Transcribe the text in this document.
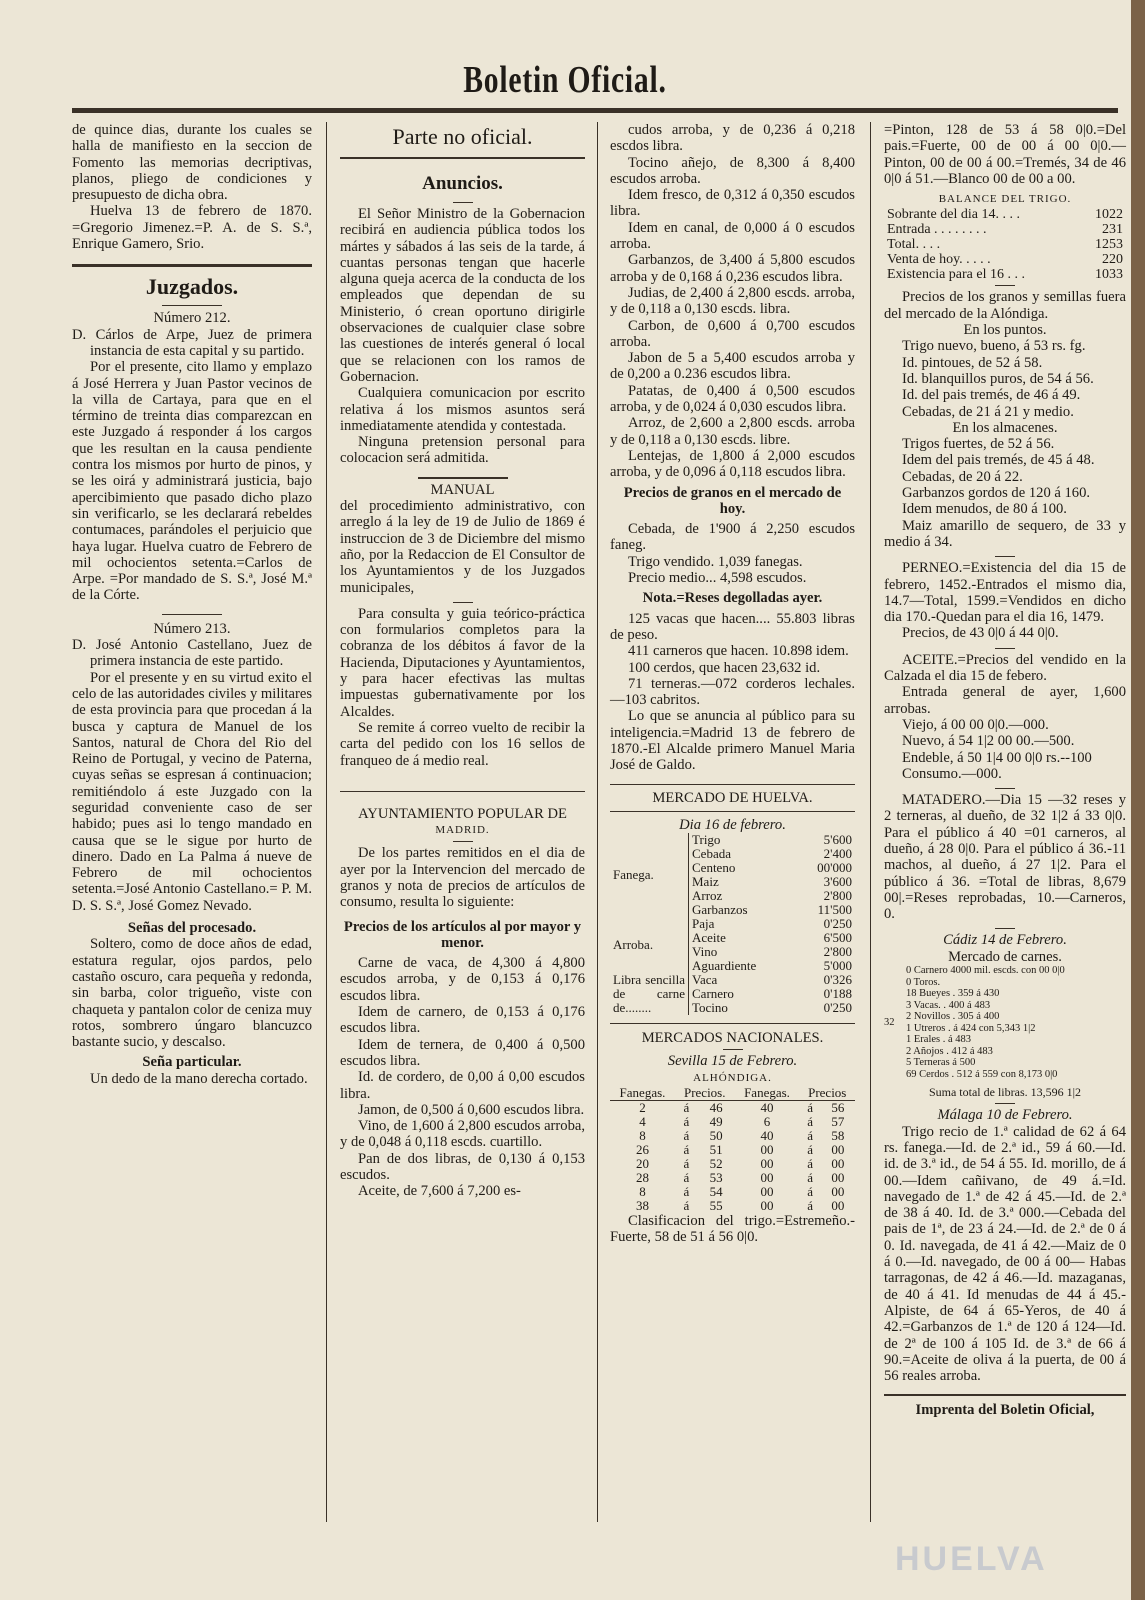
Boletin Oficial.

de quince dias, durante los cuales se halla de manifiesto en la seccion de Fomento las memorias decriptivas, planos, pliego de condiciones y presupuesto de dicha obra.

Huelva 13 de febrero de 1870. =Gregorio Jimenez.=P. A. de S. S.ª, Enrique Gamero, Srio.

Juzgados.

Número 212.

D. Cárlos de Arpe, Juez de primera instancia de esta capital y su partido.

Por el presente, cito llamo y emplazo á José Herrera y Juan Pastor vecinos de la villa de Cartaya, para que en el término de treinta dias comparezcan en este Juzgado á responder á los cargos que les resultan en la causa pendiente contra los mismos por hurto de pinos, y se les oirá y administrará justicia, bajo apercibimiento que pasado dicho plazo sin verificarlo, se les declarará rebeldes contumaces, parándoles el perjuicio que haya lugar. Huelva cuatro de Febrero de mil ochocientos setenta.=Carlos de Arpe. =Por mandado de S. S.ª, José M.ª de la Córte.

Número 213.

D. José Antonio Castellano, Juez de primera instancia de este partido.

Por el presente y en su virtud exito el celo de las autoridades civiles y militares de esta provincia para que procedan á la busca y captura de Manuel de los Santos, natural de Chora del Rio del Reino de Portugal, y vecino de Paterna, cuyas señas se espresan á continuacion; remitiéndolo á este Juzgado con la seguridad conveniente caso de ser habido; pues asi lo tengo mandado en causa que se le sigue por hurto de dinero. Dado en La Palma á nueve de Febrero de mil ochocientos setenta.=José Antonio Castellano.= P. M. D. S. S.ª, José Gomez Nevado.

Señas del procesado.

Soltero, como de doce años de edad, estatura regular, ojos pardos, pelo castaño oscuro, cara pequeña y redonda, sin barba, color trigueño, viste con chaqueta y pantalon color de ceniza muy rotos, sombrero úngaro blancuzco bastante sucio, y descalso.

Seña particular.

Un dedo de la mano derecha cortado.

Parte no oficial.

Anuncios.

El Señor Ministro de la Gobernacion recibirá en audiencia pública todos los mártes y sábados á las seis de la tarde, á cuantas personas tengan que hacerle alguna queja acerca de la conducta de los empleados que dependan de su Ministerio, ó crean oportuno dirigirle observaciones de cualquier clase sobre las cuestiones de interés general ó local que se relacionen con los ramos de Gobernacion.

Cualquiera comunicacion por escrito relativa á los mismos asuntos será inmediatamente atendida y contestada.

Ninguna pretension personal para colocacion será admitida.

MANUAL

del procedimiento administrativo, con arreglo á la ley de 19 de Julio de 1869 é instruccion de 3 de Diciembre del mismo año, por la Redaccion de El Consultor de los Ayuntamientos y de los Juzgados municipales,

Para consulta y guia teórico-práctica con formularios completos para la cobranza de los débitos á favor de la Hacienda, Diputaciones y Ayuntamientos, y para hacer efectivas las multas impuestas gubernativamente por los Alcaldes.

Se remite á correo vuelto de recibir la carta del pedido con los 16 sellos de franqueo de á medio real.

AYUNTAMIENTO POPULAR DE

MADRID.

De los partes remitidos en el dia de ayer por la Intervencion del mercado de granos y nota de precios de artículos de consumo, resulta lo siguiente:

Precios de los artículos al por mayor y menor.

Carne de vaca, de 4,300 á 4,800 escudos arroba, y de 0,153 á 0,176 escudos libra.

Idem de carnero, de 0,153 á 0,176 escudos libra.

Idem de ternera, de 0,400 á 0,500 escudos libra.

Id. de cordero, de 0,00 á 0,00 escudos libra.

Jamon, de 0,500 á 0,600 escudos libra.

Vino, de 1,600 á 2,800 escudos arroba, y de 0,048 á 0,118 escds. cuartillo.

Pan de dos libras, de 0,130 á 0,153 escudos.

Aceite, de 7,600 á 7,200 es-

cudos arroba, y de 0,236 á 0,218 escdos libra.

Tocino añejo, de 8,300 á 8,400 escudos arroba.

Idem fresco, de 0,312 á 0,350 escudos libra.

Idem en canal, de 0,000 á 0 escudos arroba.

Garbanzos, de 3,400 á 5,800 escudos arroba y de 0,168 á 0,236 escudos libra.

Judias, de 2,400 á 2,800 escds. arroba, y de 0,118 a 0,130 escds. libra.

Carbon, de 0,600 á 0,700 escudos arroba.

Jabon de 5 a 5,400 escudos arroba y de 0,200 a 0.236 escudos libra.

Patatas, de 0,400 á 0,500 escudos arroba, y de 0,024 á 0,030 escudos libra.

Arroz, de 2,600 a 2,800 escds. arroba y de 0,118 a 0,130 escds. libre.

Lentejas, de 1,800 á 2,000 escudos arroba, y de 0,096 á 0,118 escudos libra.

Precios de granos en el mercado de hoy.

Cebada, de 1'900 á 2,250 escudos faneg.

Trigo vendido. 1,039 fanegas.

Precio medio... 4,598 escudos.

Nota.=Reses degolladas ayer.

125 vacas que hacen.... 55.803 libras de peso.

411 carneros que hacen. 10.898 idem.

100 cerdos, que hacen 23,632 id.

71 terneras.—072 corderos lechales.—103 cabritos.

Lo que se anuncia al público para su inteligencia.=Madrid 13 de febrero de 1870.-El Alcalde primero Manuel Maria José de Galdo.

MERCADO DE HUELVA.

Dia 16 de febrero.

Fanega.	Trigo	5'600
	Cebada	2'400
	Centeno	00'000
	Maiz	3'600
	Arroz	2'800
	Garbanzos	11'500
Arroba.	Paja	0'250
	Aceite	6'500
	Vino	2'800
	Aguardiente	5'000
Libra sencilla de carne de........	Vaca	0'326
	Carnero	0'188
	Tocino	0'250

MERCADOS NACIONALES.

Sevilla 15 de Febrero.

ALHÓNDIGA.

Fanegas.	Precios.		Fanegas.	Precios	
2	á	46	40	á	56
4	á	49	6	á	57
8	á	50	40	á	58
26	á	51	00	á	00
20	á	52	00	á	00
28	á	53	00	á	00
8	á	54	00	á	00
38	á	55	00	á	00

Clasificacion del trigo.=Estremeño.-Fuerte, 58 de 51 á 56 0|0.

=Pinton, 128 de 53 á 58 0|0.=Del pais.=Fuerte, 00 de 00 á 00 0|0.— Pinton, 00 de 00 á 00.=Tremés, 34 de 46 0|0 á 51.—Blanco 00 de 00 a 00.

BALANCE DEL TRIGO.

Sobrante del dia 14. . . .	1022
Entrada . . . . . . . .	231
Total. . . .	1253
Venta de hoy. . . . .	220
Existencia para el 16 . . .	1033

Precios de los granos y semillas fuera del mercado de la Alóndiga.

En los puntos.

Trigo nuevo, bueno, á 53 rs. fg.

Id. pintoues, de 52 á 58.

Id. blanquillos puros, de 54 á 56.

Id. del pais tremés, de 46 á 49.

Cebadas, de 21 á 21 y medio.

En los almacenes.

Trigos fuertes, de 52 á 56.

Idem del pais tremés, de 45 á 48.

Cebadas, de 20 á 22.

Garbanzos gordos de 120 á 160.

Idem menudos, de 80 á 100.

Maiz amarillo de sequero, de 33 y medio á 34.

PERNEO.=Existencia del dia 15 de febrero, 1452.-Entrados el mismo dia, 14.7—Total, 1599.=Vendidos en dicho dia 170.-Quedan para el dia 16, 1479.

Precios, de 43 0|0 á 44 0|0.

ACEITE.=Precios del vendido en la Calzada el dia 15 de febero.

Entrada general de ayer, 1,600 arrobas.

Viejo, á 00 00 0|0.—000.

Nuevo, á 54 1|2 00 00.—500.

Endeble, á 50 1|4 00 0|0 rs.--100

Consumo.—000.

MATADERO.—Dia 15 —32 reses y 2 terneras, al dueño, de 32 1|2 á 33 0|0. Para el público á 40 =01 carneros, al dueño, á 28 0|0. Para el público á 36.-11 machos, al dueño, á 27 1|2. Para el público á 36. =Total de libras, 8,679 00|.=Reses reprobadas, 10.—Carneros, 0.

Cádiz 14 de Febrero.

Mercado de carnes.

32

0 Carnero 4000 mil. escds. con 00 0|0

0 Toros.

18 Bueyes . 359 á 430

3 Vacas. . 400 á 483

2 Novillos . 305 á 400

1 Utreros . á 424 con 5,343 1|2

1 Erales . á 483

2 Añojos . 412 á 483

5 Terneras á 500

69 Cerdos . 512 á 559 con 8,173 0|0

Suma total de libras. 13,596 1|2

Málaga 10 de Febrero.

Trigo recio de 1.ª calidad de 62 á 64 rs. fanega.—Id. de 2.ª id., 59 á 60.—Id. id. de 3.ª id., de 54 á 55. Id. morillo, de á 00.—Idem cañivano, de 49 á.=Id. navegado de 1.ª de 42 á 45.—Id. de 2.ª de 38 á 40. Id. de 3.ª 000.—Cebada del pais de 1ª, de 23 á 24.—Id. de 2.ª de 0 á 0. Id. navegada, de 41 á 42.—Maiz de 0 á 0.—Id. navegado, de 00 á 00— Habas tarragonas, de 42 á 46.—Id. mazaganas, de 40 á 41. Id menudas de 44 á 45.-Alpiste, de 64 á 65-Yeros, de 40 á 42.=Garbanzos de 1.ª de 120 á 124—Id. de 2ª de 100 á 105 Id. de 3.ª de 66 á 90.=Aceite de oliva á la puerta, de 00 á 56 reales arroba.

Imprenta del Boletin Oficial,

HUELVA
